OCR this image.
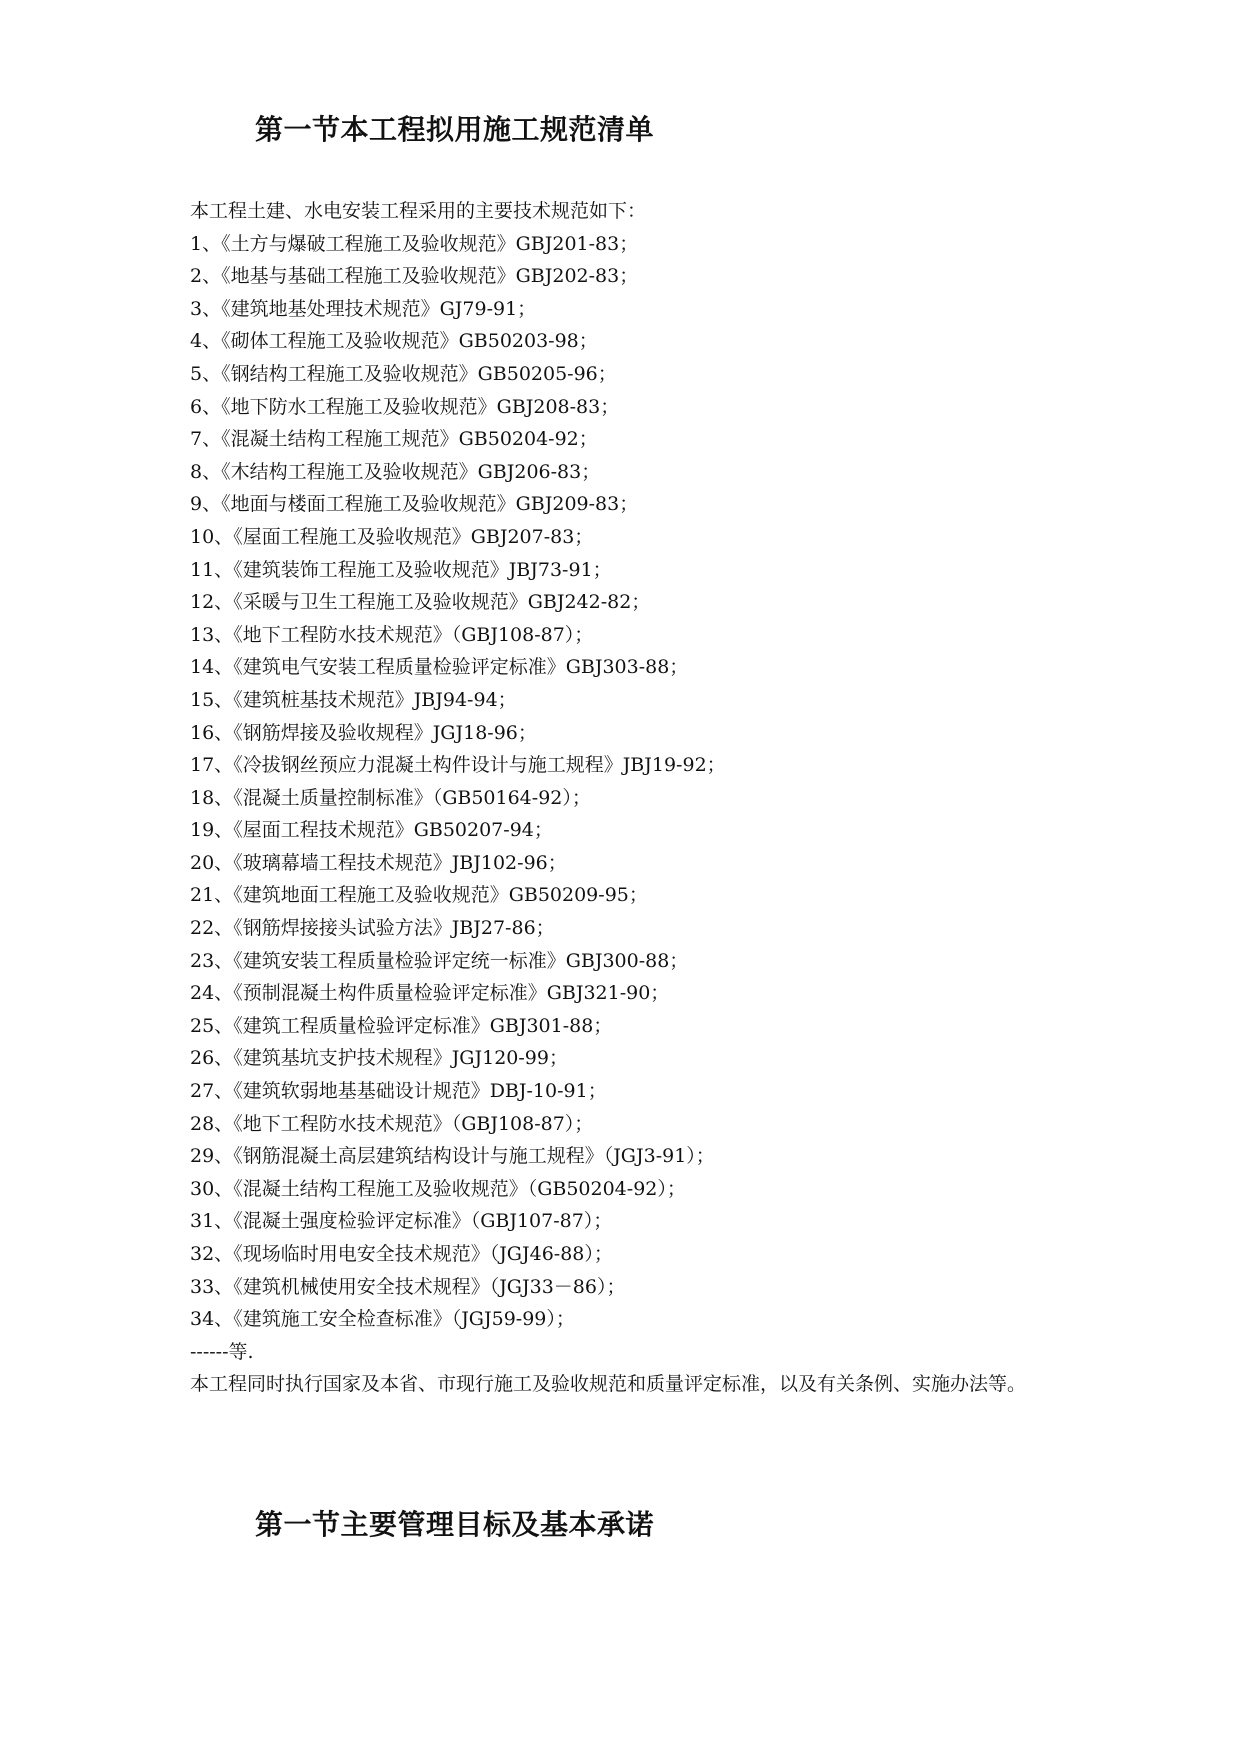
第一节本工程拟用施工规范清单
本工程土建、水电安装工程采用的主要技术规范如下：
1、《土方与爆破工程施工及验收规范》GBJ201-83；
2、《地基与基础工程施工及验收规范》GBJ202-83；
3、《建筑地基处理技术规范》GJ79-91；
4、《砌体工程施工及验收规范》GB50203-98；
5、《钢结构工程施工及验收规范》GB50205-96；
6、《地下防水工程施工及验收规范》GBJ208-83；
7、《混凝土结构工程施工规范》GB50204-92；
8、《木结构工程施工及验收规范》GBJ206-83；
9、《地面与楼面工程施工及验收规范》GBJ209-83；
10、《屋面工程施工及验收规范》GBJ207-83；
11、《建筑装饰工程施工及验收规范》JBJ73-91；
12、《采暖与卫生工程施工及验收规范》GBJ242-82；
13、《地下工程防水技术规范》（GBJ108-87）；
14、《建筑电气安装工程质量检验评定标准》GBJ303-88；
15、《建筑桩基技术规范》JBJ94-94；
16、《钢筋焊接及验收规程》JGJ18-96；
17、《冷拔钢丝预应力混凝土构件设计与施工规程》JBJ19-92；
18、《混凝土质量控制标准》（GB50164-92）；
19、《屋面工程技术规范》GB50207-94；
20、《玻璃幕墙工程技术规范》JBJ102-96；
21、《建筑地面工程施工及验收规范》GB50209-95；
22、《钢筋焊接接头试验方法》JBJ27-86；
23、《建筑安装工程质量检验评定统一标准》GBJ300-88；
24、《预制混凝土构件质量检验评定标准》GBJ321-90；
25、《建筑工程质量检验评定标准》GBJ301-88；
26、《建筑基坑支护技术规程》JGJ120-99；
27、《建筑软弱地基基础设计规范》DBJ-10-91；
28、《地下工程防水技术规范》（GBJ108-87）；
29、《钢筋混凝土高层建筑结构设计与施工规程》（JGJ3-91）；
30、《混凝土结构工程施工及验收规范》（GB50204-92）；
31、《混凝土强度检验评定标准》（GBJ107-87）；
32、《现场临时用电安全技术规范》（JGJ46-88）；
33、《建筑机械使用安全技术规程》（JGJ33－86）；
34、《建筑施工安全检查标准》（JGJ59-99）；
------等.
本工程同时执行国家及本省、市现行施工及验收规范和质量评定标准，以及有关条例、实施办法等。
第一节主要管理目标及基本承诺
